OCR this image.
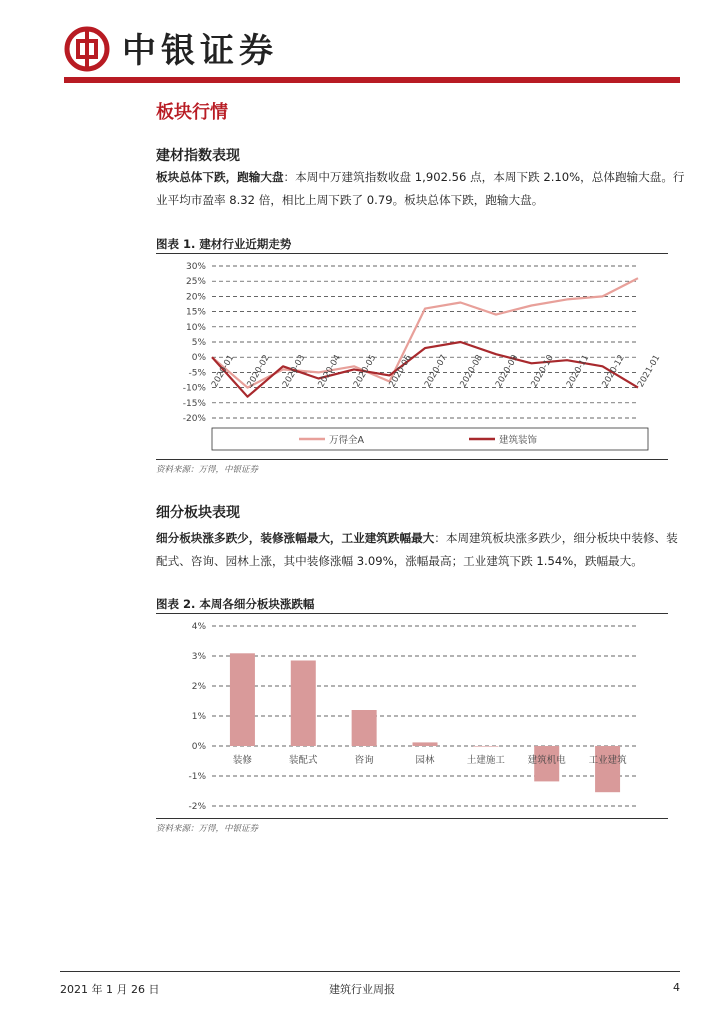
中银证券
板块行情
建材指数表现
板块总体下跌，跑输大盘：本周中万建筑指数收盘 1,902.56 点，本周下跌 2.10%，总体跑输大盘。行业平均市盈率 8.32 倍，相比上周下跌了 0.79。板块总体下跌，跑输大盘。
图表 1. 建材行业近期走势
-20%
-15%
-10%
-5%
0%
5%
10%
15%
20%
25%
30%
2020-01 2020-02 2020-03 2020-04 2020-05 2020-06 2020-07 2020-08 2020-09 2020-10 2020-11 2020-12 2021-01
万得全A	建筑装饰
资料来源：万得，中银证券
细分板块表现
细分板块涨多跌少，装修涨幅最大，工业建筑跌幅最大：本周建筑板块涨多跌少，细分板块中装修、装配式、咨询、园林上涨，其中装修涨幅 3.09%，涨幅最高；工业建筑下跌 1.54%，跌幅最大。
图表 2. 本周各细分板块涨跌幅
-2%
-1%
0%
1%
2%
3%
4%
装修	装配式	咨询	园林	土建施工 建筑机电 工业建筑
资料来源：万得，中银证券
2021 年 1 月 26 日	建筑行业周报	4
